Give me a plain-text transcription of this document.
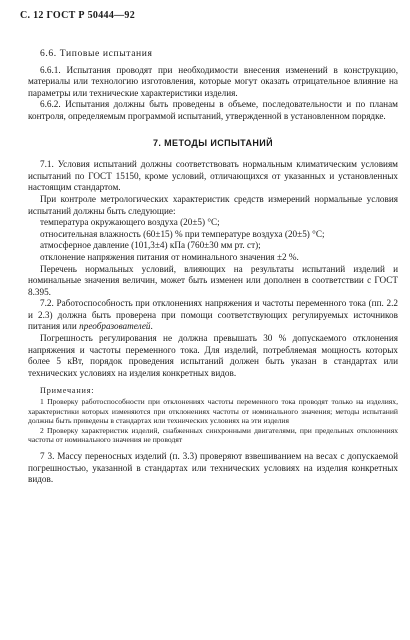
С. 12 ГОСТ Р 50444—92

6.6. Типовые испытания

6.6.1. Испытания проводят при необходимости внесения изменений в конструкцию, материалы или технологию изготовления, которые могут оказать отрицательное влияние на параметры или технические характеристики изделия.

6.6.2. Испытания должны быть проведены в объеме, последовательности и по планам контроля, определяемым программой испытаний, утвержденной в установленном порядке.

7. МЕТОДЫ ИСПЫТАНИЙ

7.1. Условия испытаний должны соответствовать нормальным климатическим условиям испытаний по ГОСТ 15150, кроме условий, отличающихся от указанных и установленных настоящим стандартом.

При контроле метрологических характеристик средств измерений нормальные условия испытаний должны быть следующие:

температура окружающего воздуха (20±5) °С;

относительная влажность (60±15) % при температуре воздуха (20±5) °С;

атмосферное давление (101,3±4) кПа (760±30 мм рт. ст);

отклонение напряжения питания от номинального значения ±2 %.

Перечень нормальных условий, влияющих на результаты испытаний изделий и номинальные значения величин, может быть изменен или дополнен в соответствии с ГОСТ 8.395.

7.2. Работоспособность при отклонениях напряжения и частоты переменного тока (пп. 2.2 и 2.3) должна быть проверена при помощи соответствующих регулируемых источников питания или преобразователей.

Погрешность регулирования не должна превышать 30 % допускаемого отклонения напряжения и частоты переменного тока. Для изделий, потребляемая мощность которых более 5 кВт, порядок проведения испытаний должен быть указан в стандартах или технических условиях на изделия конкретных видов.

Примечания:

1 Проверку работоспособности при отклонениях частоты переменного тока проводят только на изделиях, характеристики которых изменяются при отклонениях частоты от номинального значения; методы испытаний должны быть приведены в стандартах или технических условиях на эти изделия

2 Проверку характеристик изделий, снабженных синхронными двигателями, при предельных отклонениях частоты от номинального значения не проводят

7 3. Массу переносных изделий (п. 3.3) проверяют взвешиванием на весах с допускаемой погрешностью, указанной в стандартах или технических условиях на изделия конкретных видов.
